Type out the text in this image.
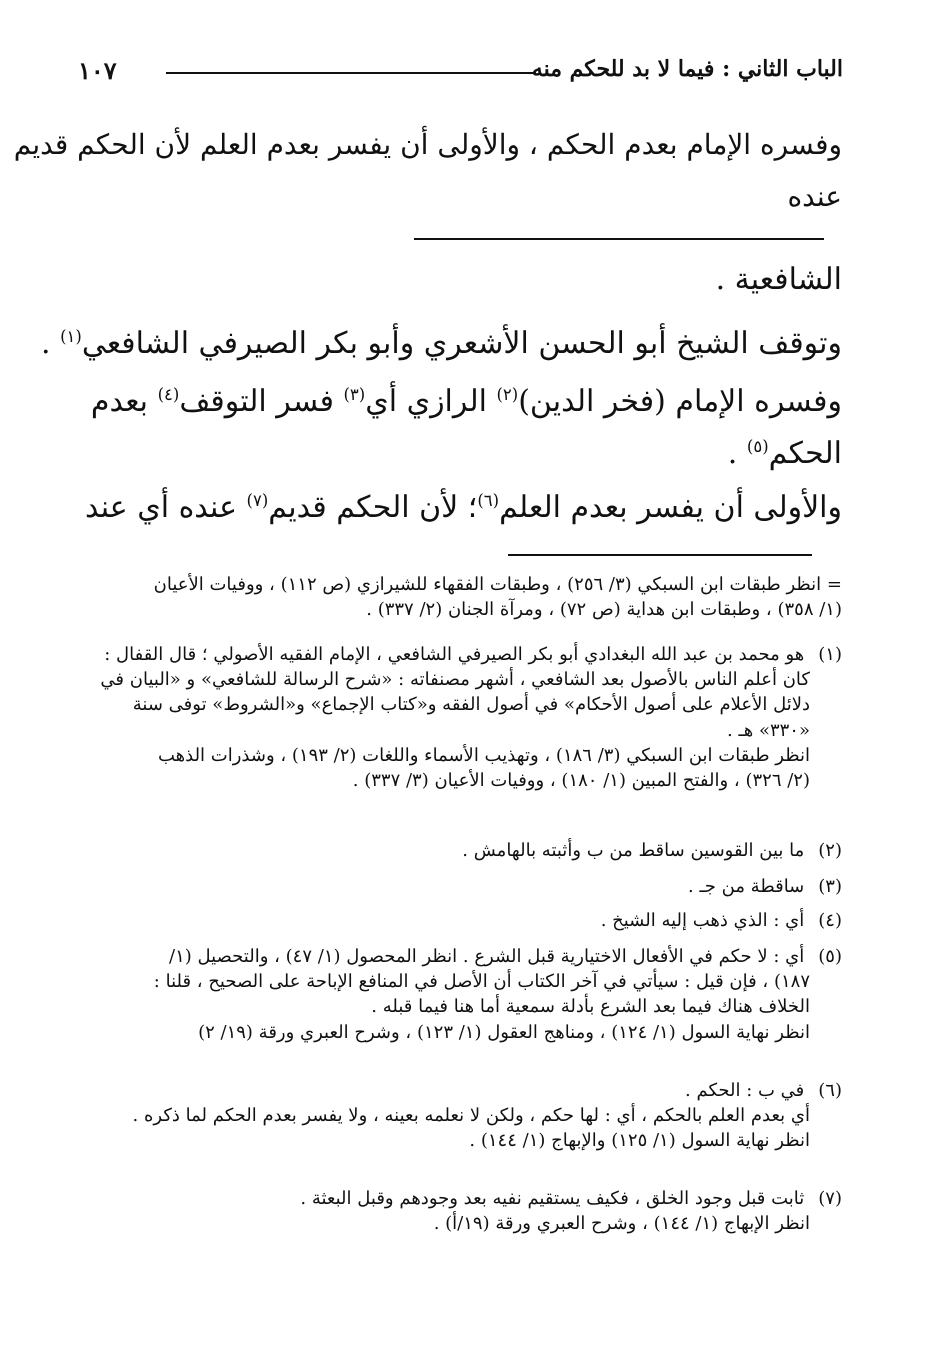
الباب الثاني : فيما لا بد للحكم منه
١٠٧
وفسره الإمام بعدم الحكم ، والأولى أن يفسر بعدم العلم لأن الحكم قديم
عنده
الشافعية .
وتوقف الشيخ أبو الحسن الأشعري وأبو بكر الصيرفي الشافعي$^{(١)}$ .
وفسره الإمام (فخر الدين)$^{(٢)}$ الرازي أي$^{(٣)}$ فسر التوقف$^{(٤)}$ بعدم
الحكم$^{(٥)}$ .
والأولى أن يفسر بعدم العلم$^{(٦)}$؛ لأن الحكم قديم$^{(٧)}$ عنده أي عند
= انظر طبقات ابن السبكي (٣/ ٢٥٦) ، وطبقات الفقهاء للشيرازي (ص ١١٢) ، ووفيات الأعيان
(١/ ٣٥٨) ، وطبقات ابن هداية (ص ٧٢) ، ومرآة الجنان (٢/ ٣٣٧) .
(١) هو محمد بن عبد الله البغدادي أبو بكر الصيرفي الشافعي ، الإمام الفقيه الأصولي ؛ قال القفال :
كان أعلم الناس بالأصول بعد الشافعي ، أشهر مصنفاته : «شرح الرسالة للشافعي» و «البيان في
دلائل الأعلام على أصول الأحكام» في أصول الفقه و«كتاب الإجماع» و«الشروط» توفى سنة
«٣٣٠» هـ .
انظر طبقات ابن السبكي (٣/ ١٨٦) ، وتهذيب الأسماء واللغات (٢/ ١٩٣) ، وشذرات الذهب
(٢/ ٣٢٦) ، والفتح المبين (١/ ١٨٠) ، ووفيات الأعيان (٣/ ٣٣٧) .
(٢) ما بين القوسين ساقط من ب وأثبته بالهامش .
(٣) ساقطة من جـ .
(٤) أي : الذي ذهب إليه الشيخ .
(٥) أي : لا حكم في الأفعال الاختيارية قبل الشرع . انظر المحصول (١/ ٤٧) ، والتحصيل (١/
١٨٧) ، فإن قيل : سيأتي في آخر الكتاب أن الأصل في المنافع الإباحة على الصحيح ، قلنا :
الخلاف هناك فيما بعد الشرع بأدلة سمعية أما هنا فيما قبله .
انظر نهاية السول (١/ ١٢٤) ، ومناهج العقول (١/ ١٢٣) ، وشرح العبري ورقة (١٩/ ٢)
(٦) في ب : الحكم .
أي بعدم العلم بالحكم ، أي : لها حكم ، ولكن لا نعلمه بعينه ، ولا يفسر بعدم الحكم لما ذكره .
انظر نهاية السول (١/ ١٢٥) والإبهاج (١/ ١٤٤) .
(٧) ثابت قبل وجود الخلق ، فكيف يستقيم نفيه بعد وجودهم وقبل البعثة .
انظر الإبهاج (١/ ١٤٤) ، وشرح العبري ورقة (١٩/أ) .
